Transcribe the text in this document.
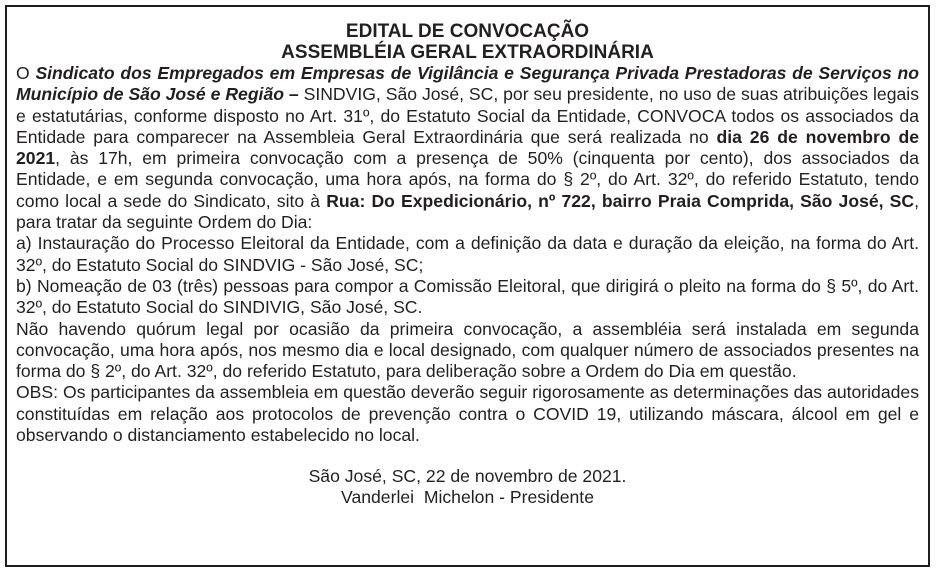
EDITAL DE CONVOCAÇÃO
ASSEMBLÉIA GERAL EXTRAORDINÁRIA

O Sindicato dos Empregados em Empresas de Vigilância e Segurança Privada Prestadoras de Serviços no Município de São José e Região – SINDVIG, São José, SC, por seu presidente, no uso de suas atribuições legais e estatutárias, conforme disposto no Art. 31º, do Estatuto Social da Entidade, CONVOCA todos os associados da Entidade para comparecer na Assembleia Geral Extraordinária que será realizada no dia 26 de novembro de 2021, às 17h, em primeira convocação com a presença de 50% (cinquenta por cento), dos associados da Entidade, e em segunda convocação, uma hora após, na forma do § 2º, do Art. 32º, do referido Estatuto, tendo como local a sede do Sindicato, sito à Rua: Do Expedicionário, nº 722, bairro Praia Comprida, São José, SC, para tratar da seguinte Ordem do Dia:

a) Instauração do Processo Eleitoral da Entidade, com a definição da data e duração da eleição, na forma do Art. 32º, do Estatuto Social do SINDVIG - São José, SC;

b) Nomeação de 03 (três) pessoas para compor a Comissão Eleitoral, que dirigirá o pleito na forma do § 5º, do Art. 32º, do Estatuto Social do SINDIVIG, São José, SC.

Não havendo quórum legal por ocasião da primeira convocação, a assembléia será instalada em segunda convocação, uma hora após, nos mesmo dia e local designado, com qualquer número de associados presentes na forma do § 2º, do Art. 32º, do referido Estatuto, para deliberação sobre a Ordem do Dia em questão.

OBS: Os participantes da assembleia em questão deverão seguir rigorosamente as determinações das autoridades constituídas em relação aos protocolos de prevenção contra o COVID 19, utilizando máscara, álcool em gel e observando o distanciamento estabelecido no local.

São José, SC, 22 de novembro de 2021.
Vanderlei  Michelon - Presidente
